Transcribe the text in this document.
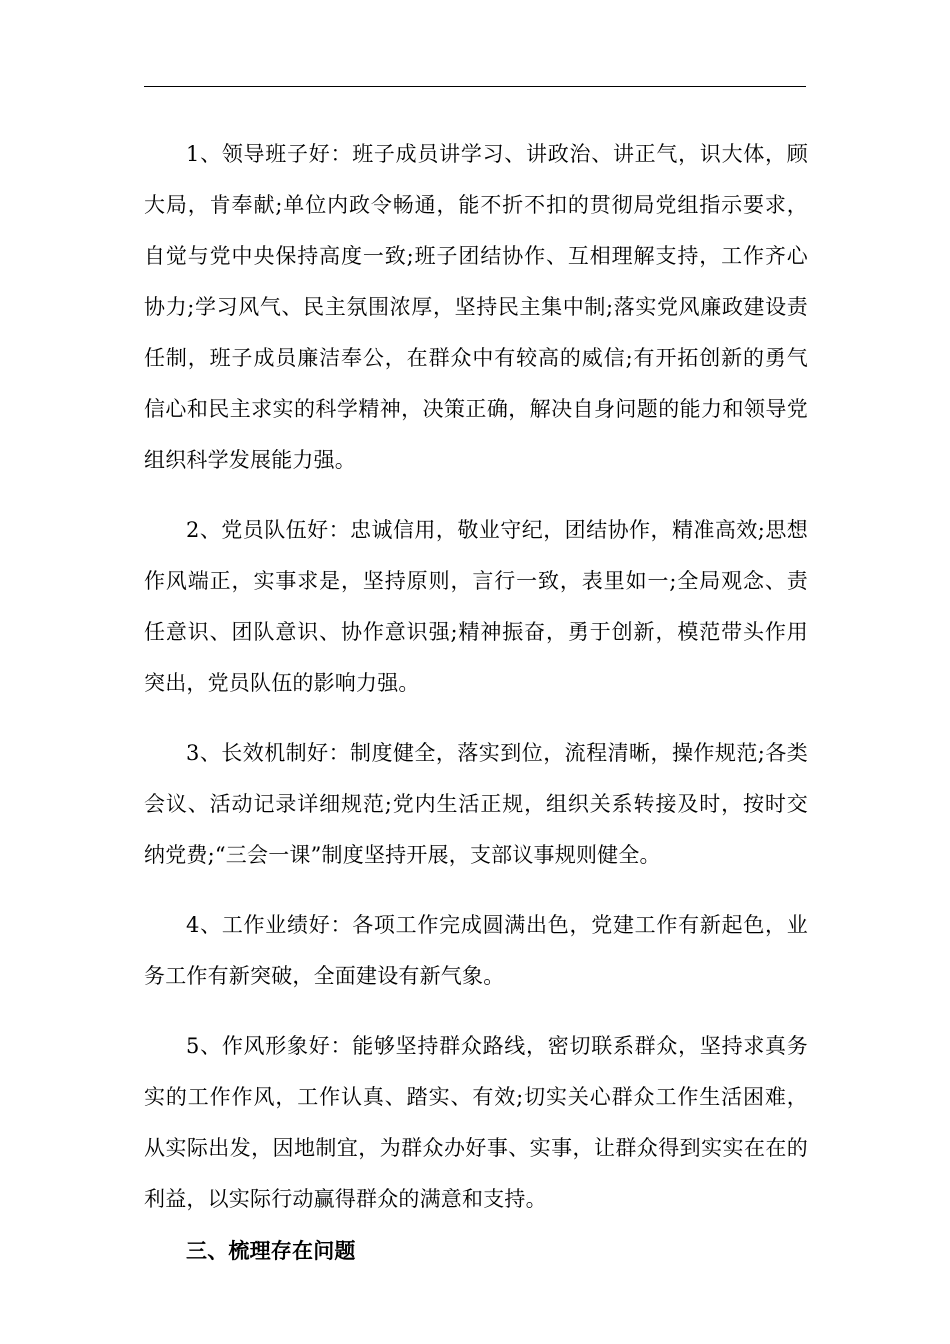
1、领导班子好：班子成员讲学习、讲政治、讲正气，识大体，顾大局，肯奉献;单位内政令畅通，能不折不扣的贯彻局党组指示要求，自觉与党中央保持高度一致;班子团结协作、互相理解支持，工作齐心协力;学习风气、民主氛围浓厚，坚持民主集中制;落实党风廉政建设责任制，班子成员廉洁奉公，在群众中有较高的威信;有开拓创新的勇气信心和民主求实的科学精神，决策正确，解决自身问题的能力和领导党组织科学发展能力强。

2、党员队伍好：忠诚信用，敬业守纪，团结协作，精准高效;思想作风端正，实事求是，坚持原则，言行一致，表里如一;全局观念、责任意识、团队意识、协作意识强;精神振奋，勇于创新，模范带头作用突出，党员队伍的影响力强。

3、长效机制好：制度健全，落实到位，流程清晰，操作规范;各类会议、活动记录详细规范;党内生活正规，组织关系转接及时，按时交纳党费;“三会一课”制度坚持开展，支部议事规则健全。

4、工作业绩好：各项工作完成圆满出色，党建工作有新起色，业务工作有新突破，全面建设有新气象。

5、作风形象好：能够坚持群众路线，密切联系群众，坚持求真务实的工作作风，工作认真、踏实、有效;切实关心群众工作生活困难，从实际出发，因地制宜，为群众办好事、实事，让群众得到实实在在的利益，以实际行动赢得群众的满意和支持。

三、梳理存在问题
